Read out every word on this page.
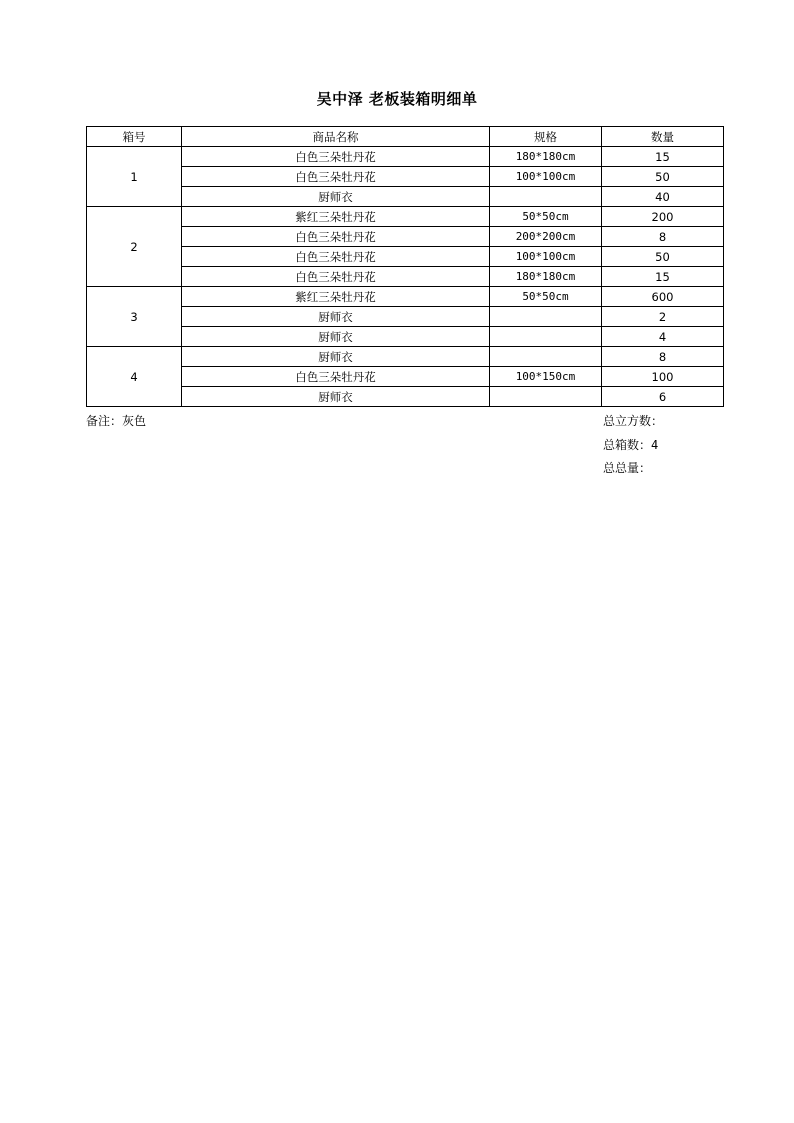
吴中泽 老板装箱明细单
箱号	商品名称	规格	数量
1	白色三朵牡丹花	180*180cm	15
	白色三朵牡丹花	100*100cm	50
	厨师衣		40
2	紫红三朵牡丹花	50*50cm	200
	白色三朵牡丹花	200*200cm	8
	白色三朵牡丹花	100*100cm	50
	白色三朵牡丹花	180*180cm	15
3	紫红三朵牡丹花	50*50cm	600
	厨师衣		2
	厨师衣		4
4	厨师衣		8
	白色三朵牡丹花	100*150cm	100
	厨师衣		6
备注：灰色	总立方数：
总箱数：4
总总量：
